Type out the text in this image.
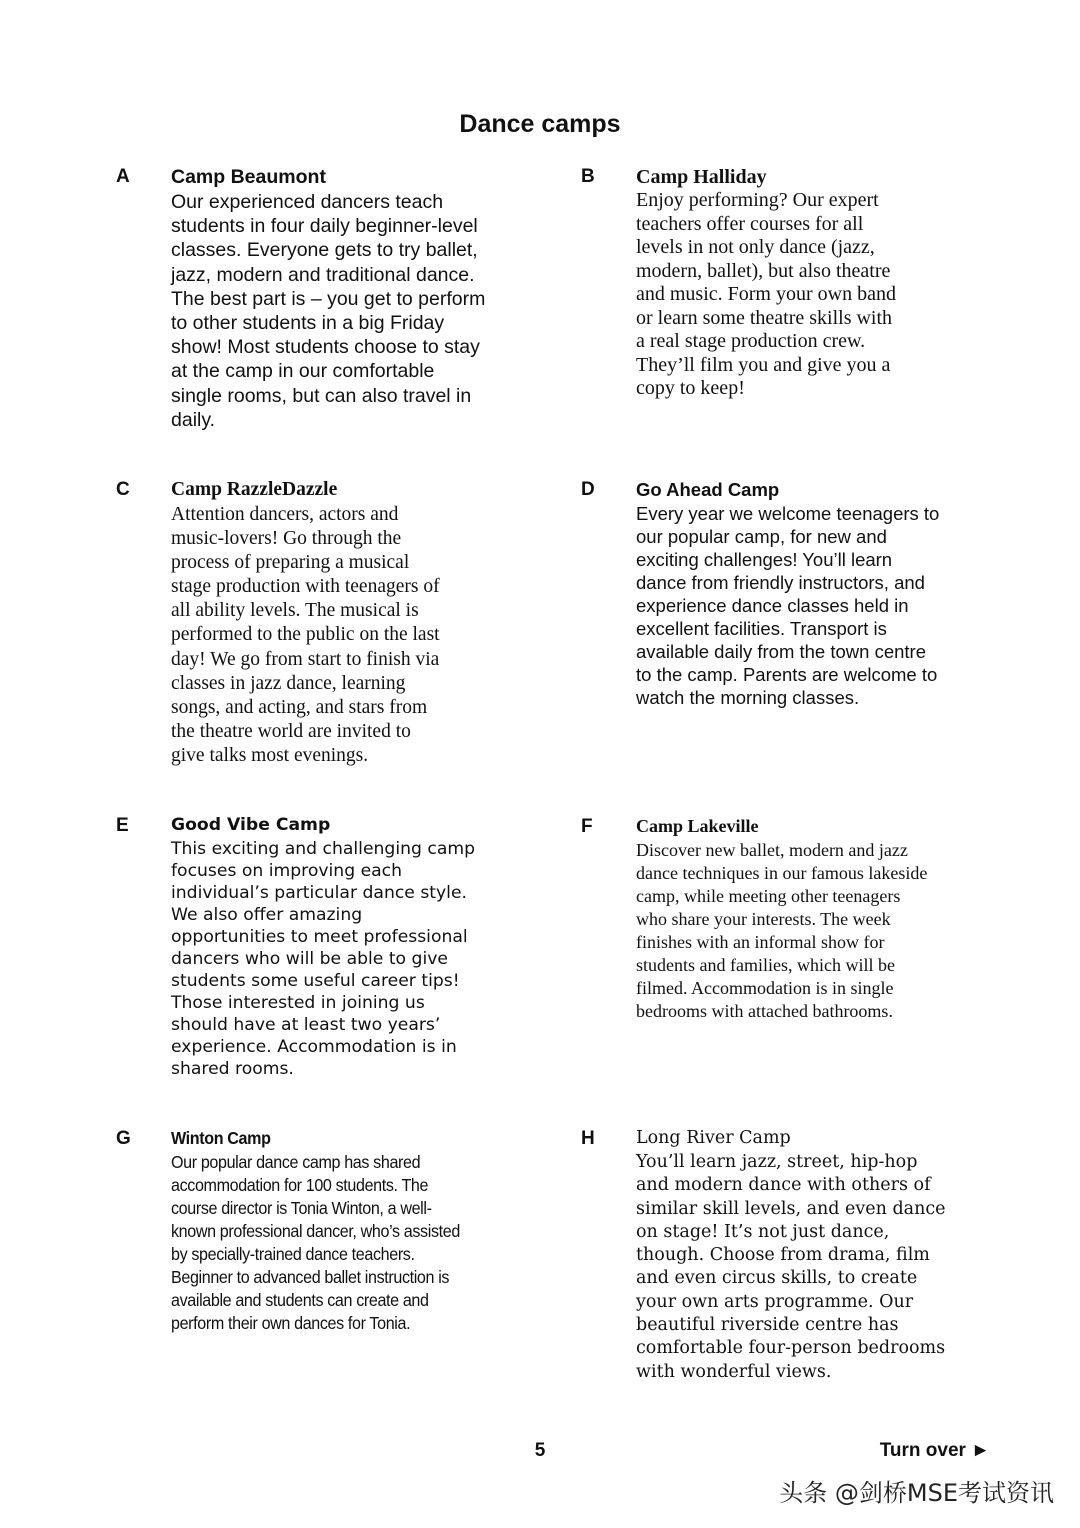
Dance camps
A Camp Beaumont
Our experienced dancers teach
students in four daily beginner-level
classes. Everyone gets to try ballet,
jazz, modern and traditional dance.
The best part is – you get to perform
to other students in a big Friday
show! Most students choose to stay
at the camp in our comfortable
single rooms, but can also travel in
daily.
B Camp Halliday
Enjoy performing? Our expert
teachers offer courses for all
levels in not only dance (jazz,
modern, ballet), but also theatre
and music. Form your own band
or learn some theatre skills with
a real stage production crew.
They’ll film you and give you a
copy to keep!
C Camp RazzleDazzle
Attention dancers, actors and
music-lovers! Go through the
process of preparing a musical
stage production with teenagers of
all ability levels. The musical is
performed to the public on the last
day! We go from start to finish via
classes in jazz dance, learning
songs, and acting, and stars from
the theatre world are invited to
give talks most evenings.
D Go Ahead Camp
Every year we welcome teenagers to
our popular camp, for new and
exciting challenges! You’ll learn
dance from friendly instructors, and
experience dance classes held in
excellent facilities. Transport is
available daily from the town centre
to the camp. Parents are welcome to
watch the morning classes.
E Good Vibe Camp
This exciting and challenging camp
focuses on improving each
individual’s particular dance style.
We also offer amazing
opportunities to meet professional
dancers who will be able to give
students some useful career tips!
Those interested in joining us
should have at least two years’
experience. Accommodation is in
shared rooms.
F Camp Lakeville
Discover new ballet, modern and jazz
dance techniques in our famous lakeside
camp, while meeting other teenagers
who share your interests. The week
finishes with an informal show for
students and families, which will be
filmed. Accommodation is in single
bedrooms with attached bathrooms.
G Winton Camp
Our popular dance camp has shared
accommodation for 100 students. The
course director is Tonia Winton, a well-
known professional dancer, who’s assisted
by specially-trained dance teachers.
Beginner to advanced ballet instruction is
available and students can create and
perform their own dances for Tonia.
H Long River Camp
You’ll learn jazz, street, hip-hop
and modern dance with others of
similar skill levels, and even dance
on stage! It’s not just dance,
though. Choose from drama, film
and even circus skills, to create
your own arts programme. Our
beautiful riverside centre has
comfortable four-person bedrooms
with wonderful views.
5	Turn over ►
头条 @剑桥MSE考试资讯
